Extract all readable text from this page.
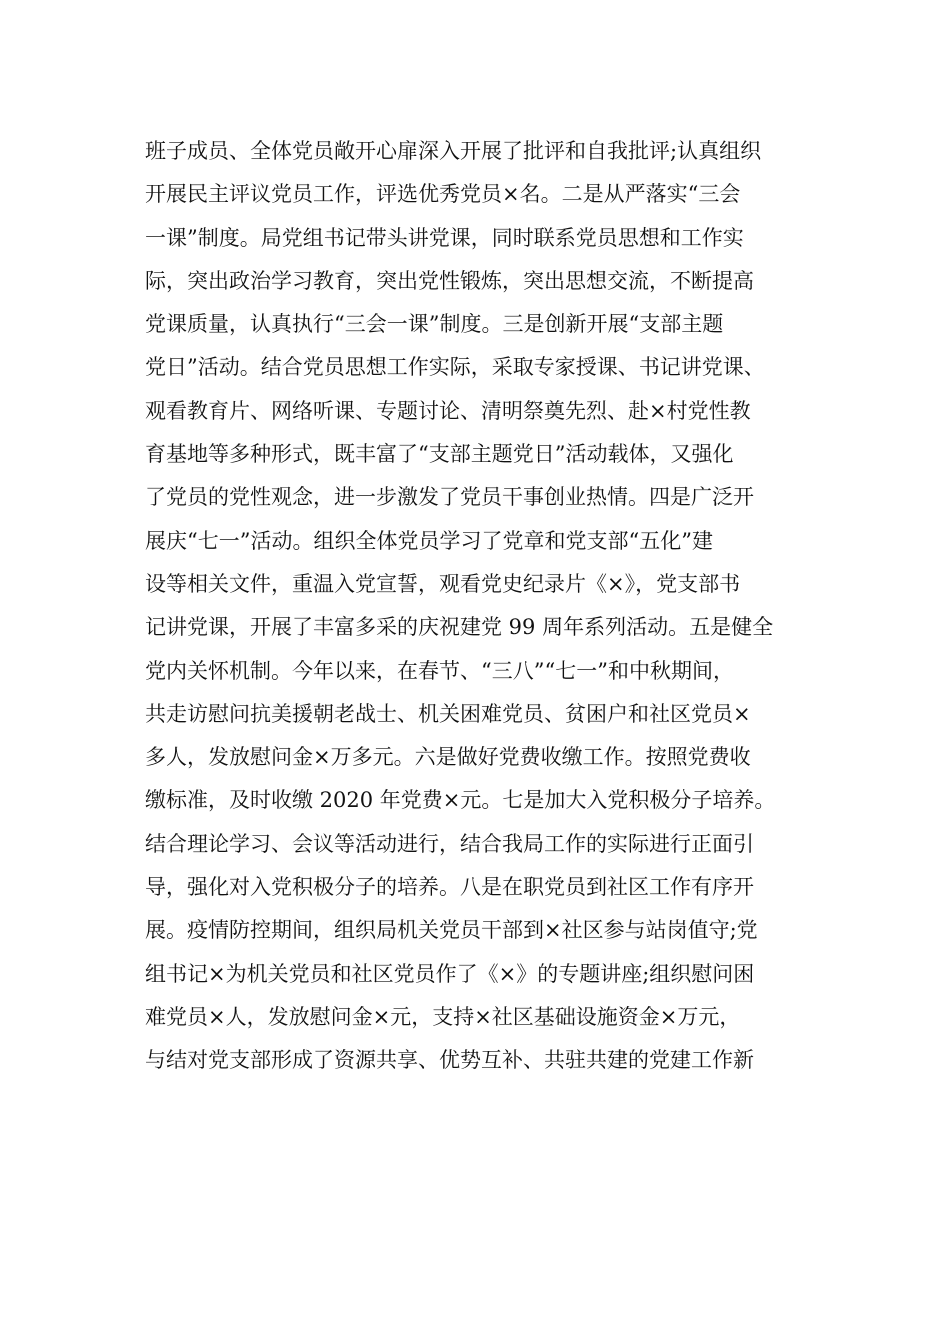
班子成员、全体党员敞开心扉深入开展了批评和自我批评;认真组织
开展民主评议党员工作，评选优秀党员×名。二是从严落实“三会
一课”制度。局党组书记带头讲党课，同时联系党员思想和工作实
际，突出政治学习教育，突出党性锻炼，突出思想交流，不断提高
党课质量，认真执行“三会一课”制度。三是创新开展“支部主题
党日”活动。结合党员思想工作实际，采取专家授课、书记讲党课、
观看教育片、网络听课、专题讨论、清明祭奠先烈、赴×村党性教
育基地等多种形式，既丰富了“支部主题党日”活动载体，又强化
了党员的党性观念，进一步激发了党员干事创业热情。四是广泛开
展庆“七一”活动。组织全体党员学习了党章和党支部“五化”建
设等相关文件，重温入党宣誓，观看党史纪录片《×》，党支部书
记讲党课，开展了丰富多采的庆祝建党 99 周年系列活动。五是健全
党内关怀机制。今年以来，在春节、“三八”“七一”和中秋期间，
共走访慰问抗美援朝老战士、机关困难党员、贫困户和社区党员×
多人，发放慰问金×万多元。六是做好党费收缴工作。按照党费收
缴标准，及时收缴 2020 年党费×元。七是加大入党积极分子培养。
结合理论学习、会议等活动进行，结合我局工作的实际进行正面引
导，强化对入党积极分子的培养。八是在职党员到社区工作有序开
展。疫情防控期间，组织局机关党员干部到×社区参与站岗值守;党
组书记×为机关党员和社区党员作了《×》的专题讲座;组织慰问困
难党员×人，发放慰问金×元，支持×社区基础设施资金×万元，
与结对党支部形成了资源共享、优势互补、共驻共建的党建工作新
